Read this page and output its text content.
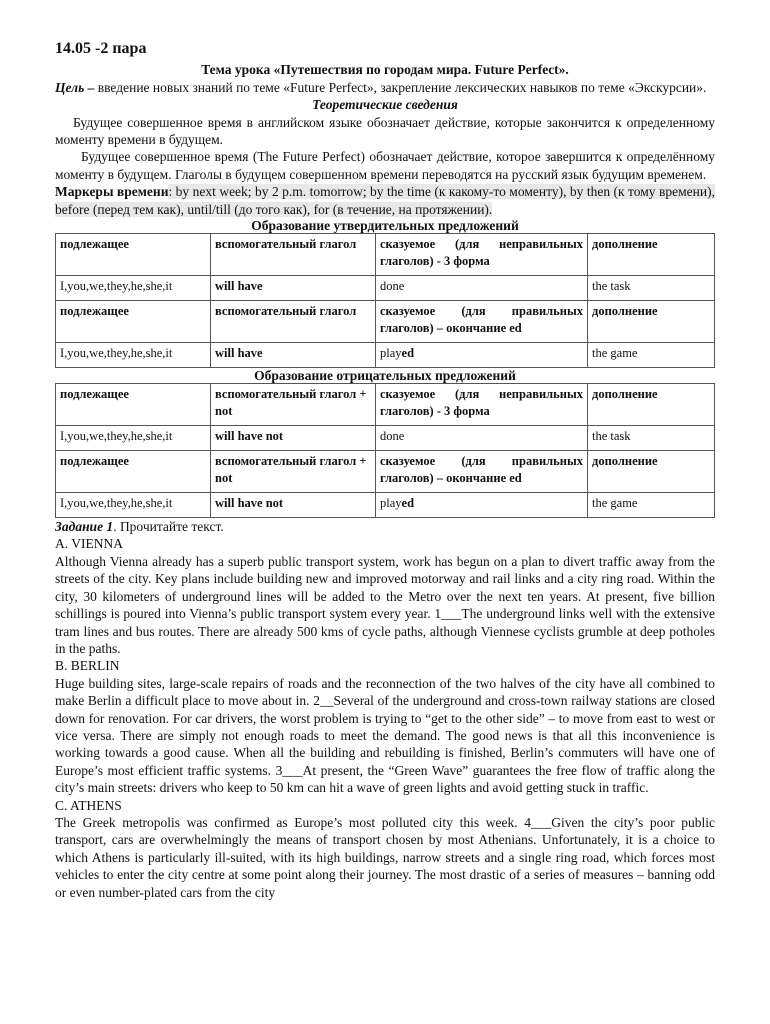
14.05 -2 пара

Тема урока «Путешествия по городам мира. Future Perfect».

Цель – введение новых знаний по теме «Future Perfect», закрепление лексических навыков по теме «Экскурсии».

Теоретические сведения

Будущее совершенное время в английском языке обозначает действие, которые закончится к определенному моменту времени в будущем.

Будущее совершенное время (The Future Perfect) обозначает действие, которое завершится к определённому моменту в будущем. Глаголы в будущем совершенном времени переводятся на русский язык будущим временем.

Маркеры времени: by next week; by 2 p.m. tomorrow; by the time (к какому-то моменту), by then (к тому времени), before (перед тем как), until/till (до того как), for (в течение, на протяжении).

Образование утвердительных предложений
подлежащее	вспомогательный глагол	сказуемое (для неправильных глаголов) - 3 форма	дополнение
I,you,we,they,he,she,it	will have	done	the task
подлежащее	вспомогательный глагол	сказуемое (для правильных глаголов) – окончание ed	дополнение
I,you,we,they,he,she,it	will have	played	the game
Образование отрицательных предложений
подлежащее	вспомогательный глагол + not	сказуемое (для неправильных глаголов) - 3 форма	дополнение
I,you,we,they,he,she,it	will have not	done	the task
подлежащее	вспомогательный глагол + not	сказуемое (для правильных глаголов) – окончание ed	дополнение
I,you,we,they,he,she,it	will have not	played	the game

Задание 1. Прочитайте текст.

A. VIENNA

Although Vienna already has a superb public transport system, work has begun on a plan to divert traffic away from the streets of the city. Key plans include building new and improved motorway and rail links and a city ring road. Within the city, 30 kilometers of underground lines will be added to the Metro over the next ten years. At present, five billion schillings is poured into Vienna’s public transport system every year. 1___The underground links well with the extensive tram lines and bus routes. There are already 500 kms of cycle paths, although Viennese cyclists grumble at deep potholes in the paths.

B. BERLIN

Huge building sites, large-scale repairs of roads and the reconnection of the two halves of the city have all combined to make Berlin a difficult place to move about in. 2__Several of the underground and cross-town railway stations are closed down for renovation. For car drivers, the worst problem is trying to “get to the other side” – to move from east to west or vice versa. There are simply not enough roads to meet the demand. The good news is that all this inconvenience is working towards a good cause. When all the building and rebuilding is finished, Berlin’s commuters will have one of Europe’s most efficient traffic systems. 3___At present, the “Green Wave” guarantees the free flow of traffic along the city’s main streets: drivers who keep to 50 km can hit a wave of green lights and avoid getting stuck in traffic.

C. ATHENS

The Greek metropolis was confirmed as Europe’s most polluted city this week. 4___Given the city’s poor public transport, cars are overwhelmingly the means of transport chosen by most Athenians. Unfortunately, it is a choice to which Athens is particularly ill-suited, with its high buildings, narrow streets and a single ring road, which forces most vehicles to enter the city centre at some point along their journey. The most drastic of a series of measures – banning odd or even number-plated cars from the city
